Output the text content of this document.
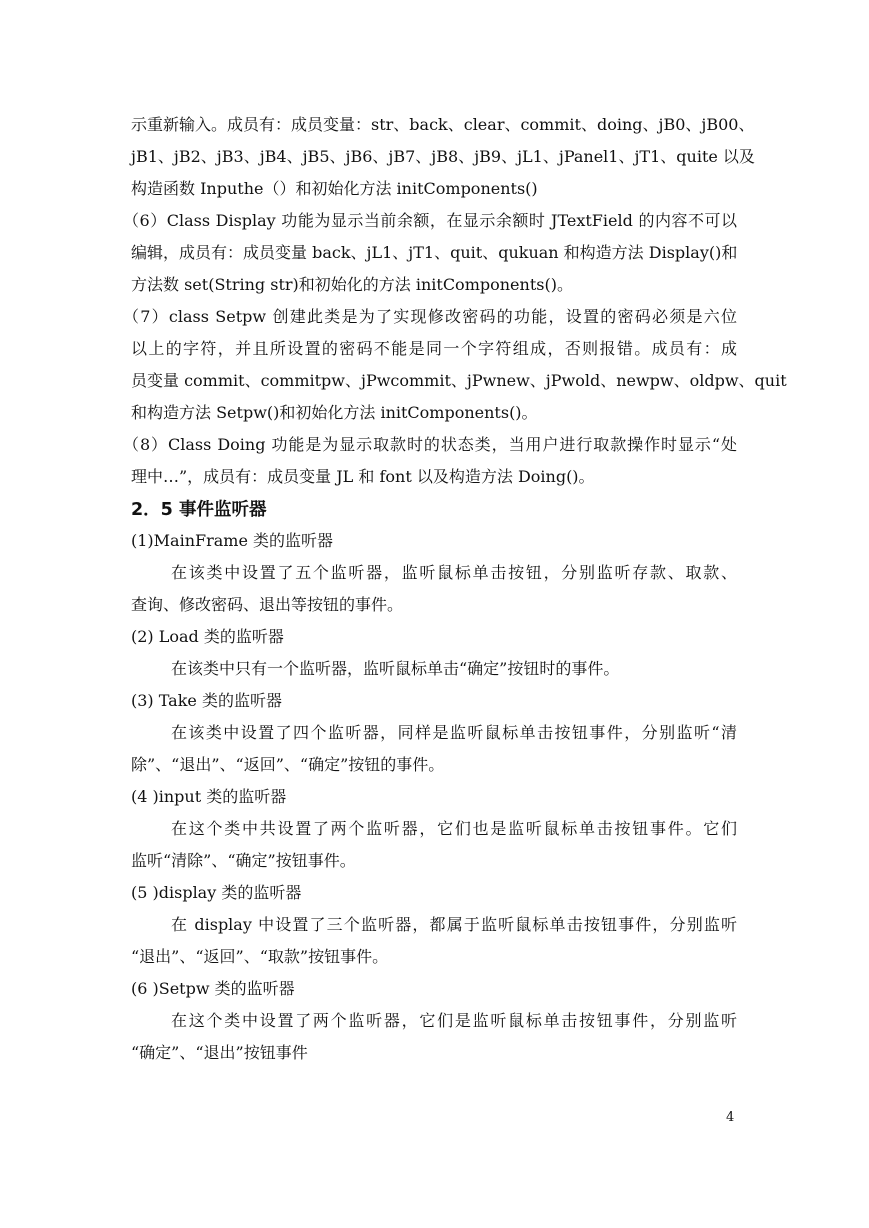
示重新输入。成员有：成员变量：str、back、clear、commit、doing、jB0、jB00、
jB1、jB2、jB3、jB4、jB5、jB6、jB7、jB8、jB9、jL1、jPanel1、jT1、quite 以及
构造函数 Inputhe（）和初始化方法 initComponents()
（6）Class Display 功能为显示当前余额，在显示余额时 JTextField 的内容不可以
编辑，成员有：成员变量 back、jL1、jT1、quit、qukuan 和构造方法 Display()和
方法数 set(String str)和初始化的方法 initComponents()。
（7）class Setpw 创建此类是为了实现修改密码的功能，设置的密码必须是六位
以上的字符，并且所设置的密码不能是同一个字符组成，否则报错。成员有：成
员变量 commit、commitpw、jPwcommit、jPwnew、jPwold、newpw、oldpw、quit
和构造方法 Setpw()和初始化方法 initComponents()。
（8）Class Doing 功能是为显示取款时的状态类，当用户进行取款操作时显示“处
理中…”，成员有：成员变量 JL 和 font 以及构造方法 Doing()。
2．5 事件监听器
(1)MainFrame 类的监听器
在该类中设置了五个监听器，监听鼠标单击按钮，分别监听存款、取款、
查询、修改密码、退出等按钮的事件。
(2) Load 类的监听器
在该类中只有一个监听器，监听鼠标单击“确定”按钮时的事件。
(3) Take 类的监听器
在该类中设置了四个监听器，同样是监听鼠标单击按钮事件，分别监听“清
除”、“退出”、“返回”、“确定”按钮的事件。
(4 )input 类的监听器
在这个类中共设置了两个监听器，它们也是监听鼠标单击按钮事件。它们
监听“清除”、“确定”按钮事件。
(5 )display 类的监听器
在 display 中设置了三个监听器，都属于监听鼠标单击按钮事件，分别监听
“退出”、“返回”、“取款”按钮事件。
(6 )Setpw 类的监听器
在这个类中设置了两个监听器，它们是监听鼠标单击按钮事件，分别监听
“确定”、“退出”按钮事件
4
